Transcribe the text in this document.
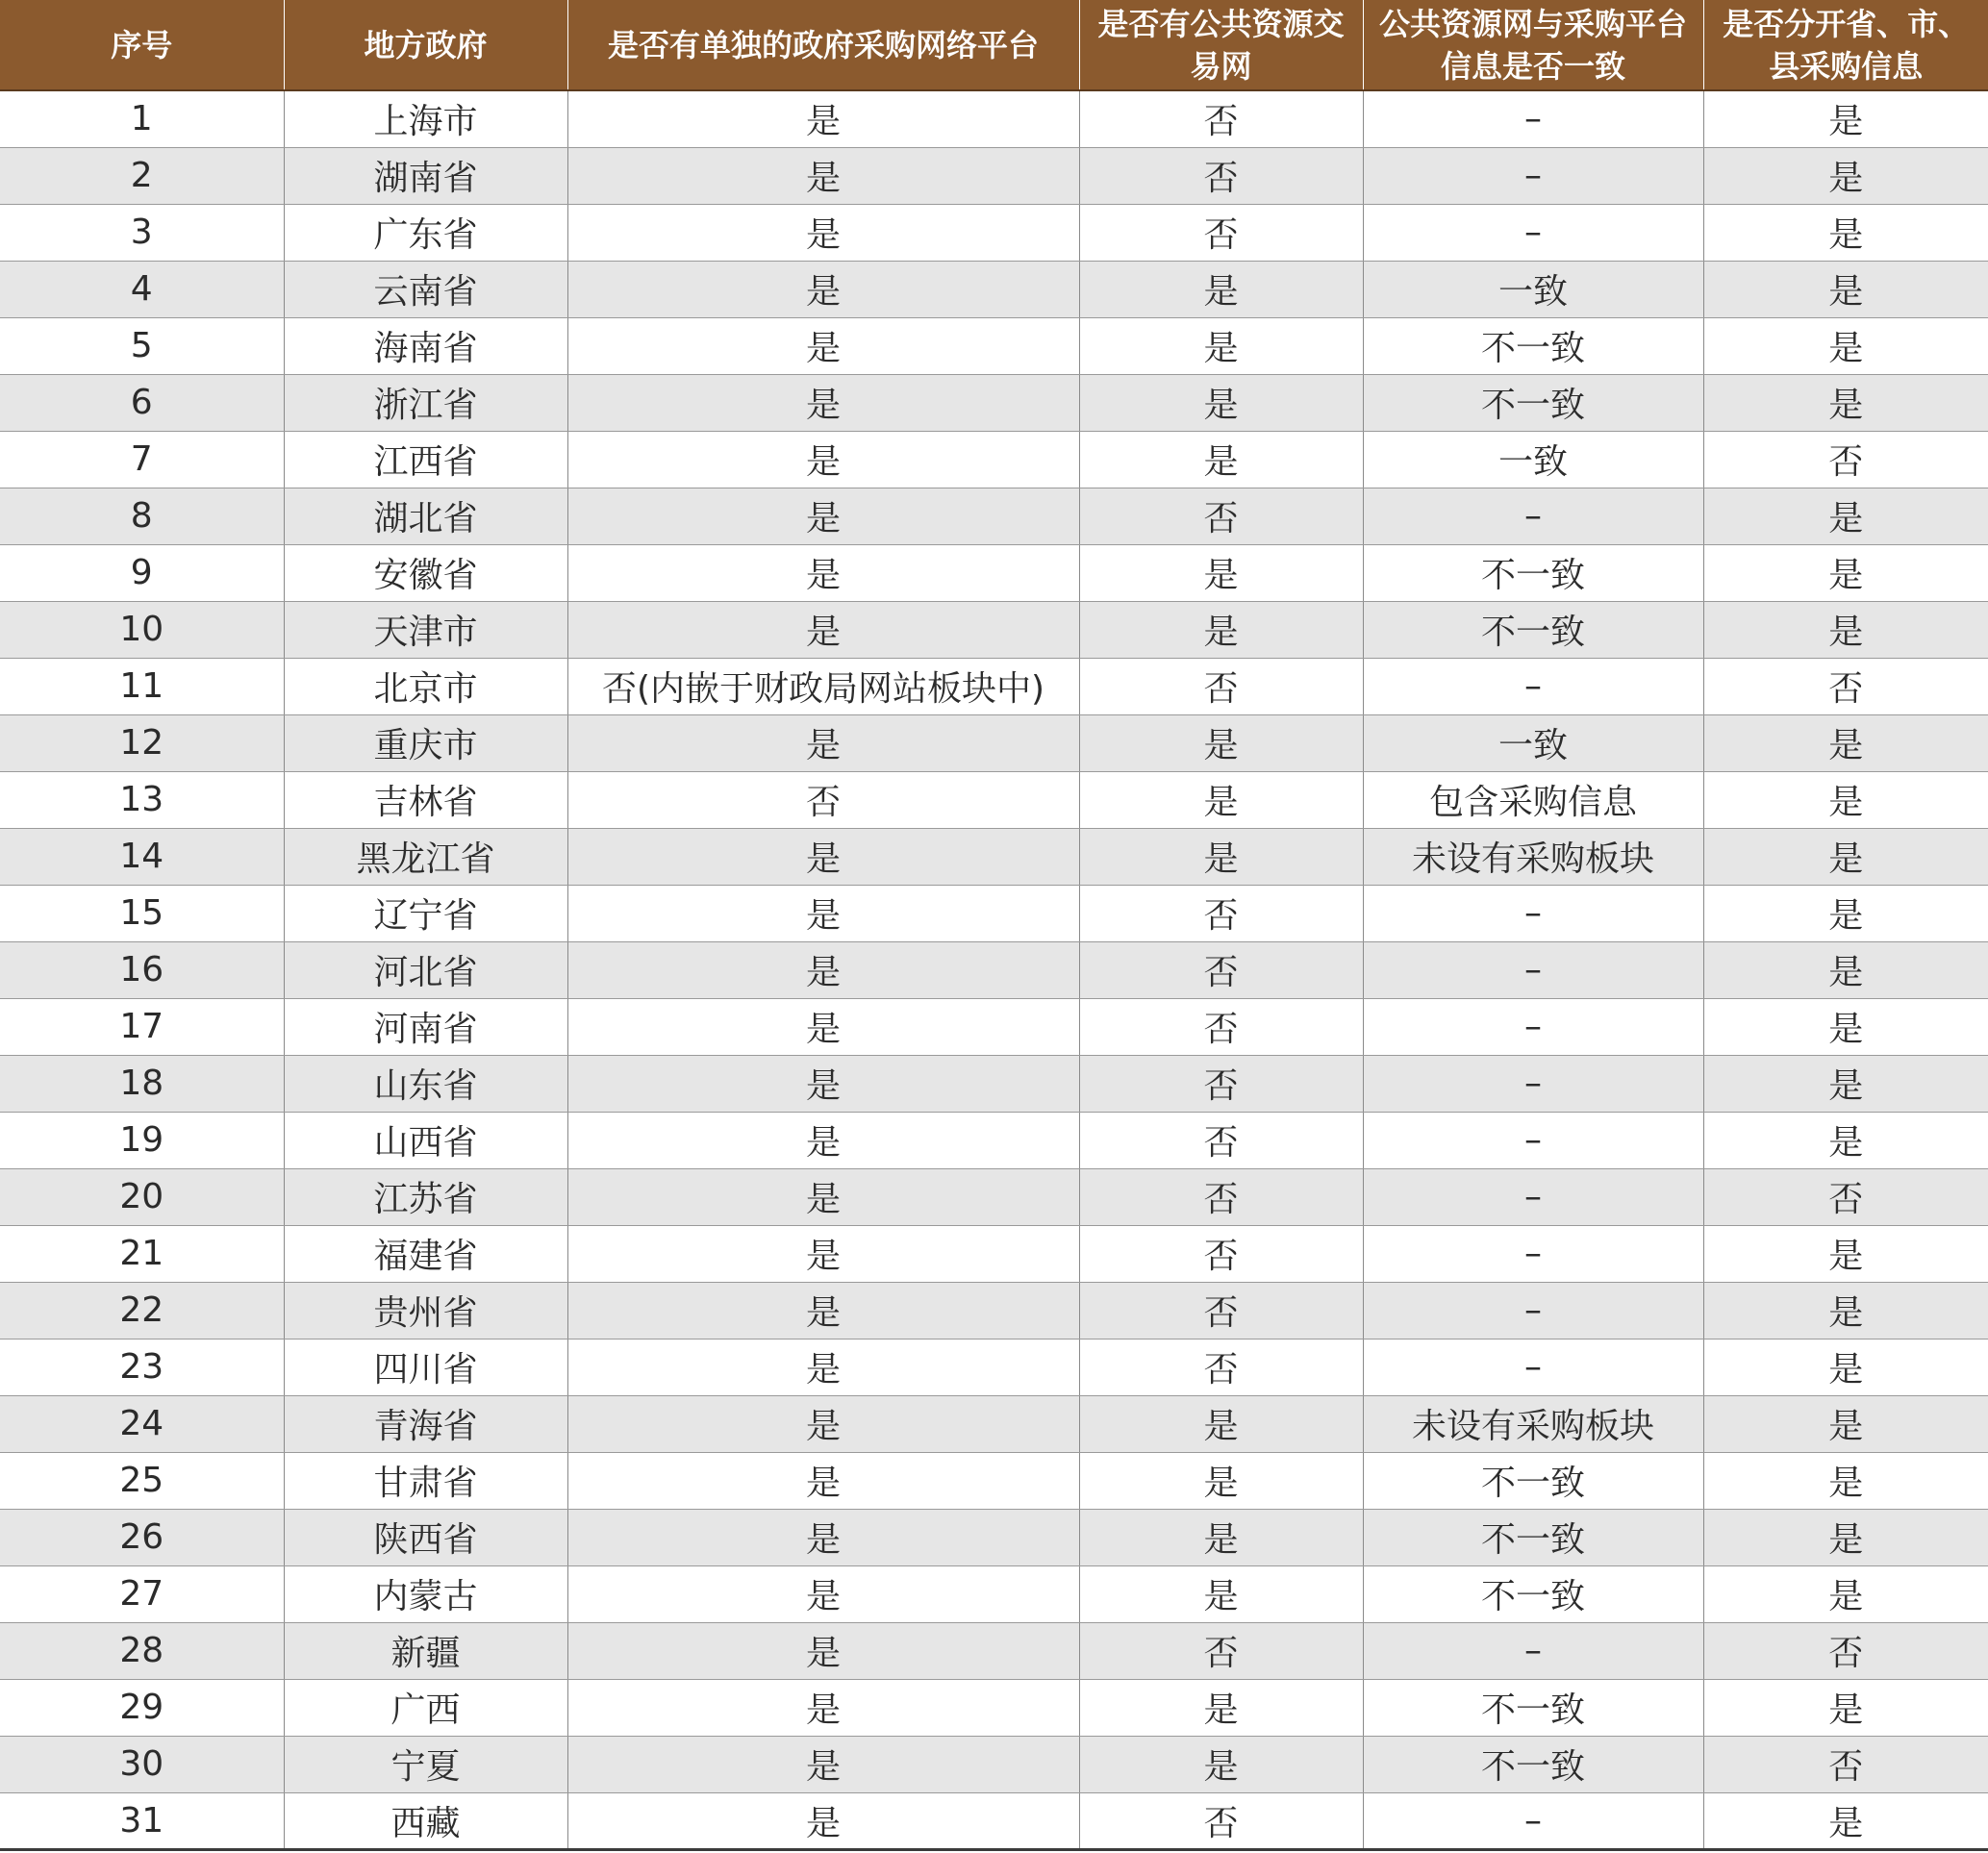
序号	地方政府	是否有单独的政府采购网络平台	是否有公共资源交易网	公共资源网与采购平台信息是否一致	是否分开省、市、县采购信息
1	上海市	是	否	–	是
2	湖南省	是	否	–	是
3	广东省	是	否	–	是
4	云南省	是	是	一致	是
5	海南省	是	是	不一致	是
6	浙江省	是	是	不一致	是
7	江西省	是	是	一致	否
8	湖北省	是	否	–	是
9	安徽省	是	是	不一致	是
10	天津市	是	是	不一致	是
11	北京市	否(内嵌于财政局网站板块中)	否	–	否
12	重庆市	是	是	一致	是
13	吉林省	否	是	包含采购信息	是
14	黑龙江省	是	是	未设有采购板块	是
15	辽宁省	是	否	–	是
16	河北省	是	否	–	是
17	河南省	是	否	–	是
18	山东省	是	否	–	是
19	山西省	是	否	–	是
20	江苏省	是	否	–	否
21	福建省	是	否	–	是
22	贵州省	是	否	–	是
23	四川省	是	否	–	是
24	青海省	是	是	未设有采购板块	是
25	甘肃省	是	是	不一致	是
26	陕西省	是	是	不一致	是
27	内蒙古	是	是	不一致	是
28	新疆	是	否	–	否
29	广西	是	是	不一致	是
30	宁夏	是	是	不一致	否
31	西藏	是	否	–	是
